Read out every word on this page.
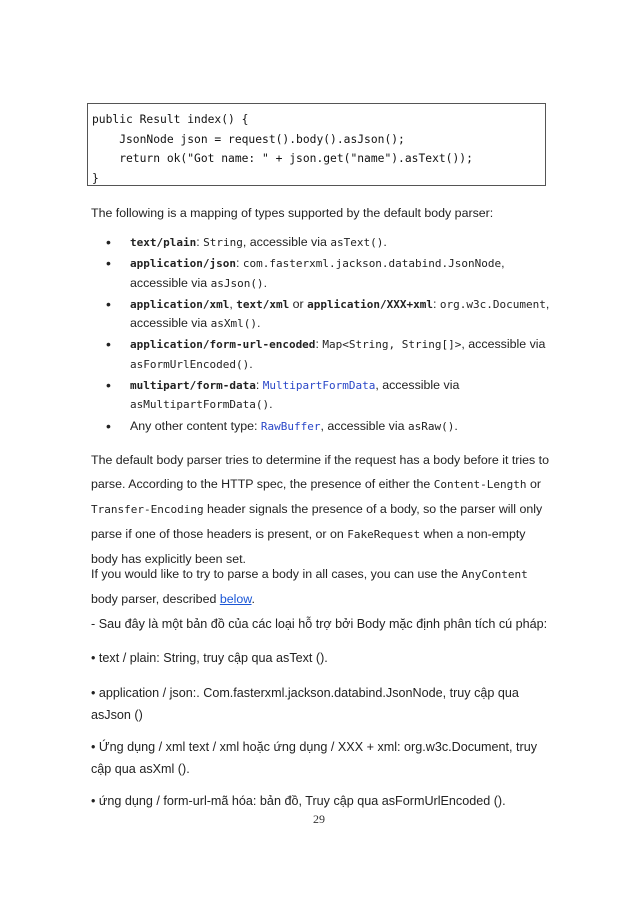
public Result index() {
JsonNode json = request().body().asJson();
return ok("Got name: " + json.get("name").asText());
}

The following is a mapping of types supported by the default body parser:

• text/plain: String, accessible via asText().
• application/json: com.fasterxml.jackson.databind.JsonNode, accessible via asJson().
• application/xml, text/xml or application/XXX+xml: org.w3c.Document, accessible via asXml().
• application/form-url-encoded: Map<String, String[]>, accessible via asFormUrlEncoded().
• multipart/form-data: MultipartFormData, accessible via asMultipartFormData().
• Any other content type: RawBuffer, accessible via asRaw().
The default body parser tries to determine if the request has a body before it tries to
parse. According to the HTTP spec, the presence of either the Content-Length or
Transfer-Encoding header signals the presence of a body, so the parser will only
parse if one of those headers is present, or on FakeRequest when a non-empty
body has explicitly been set.
If you would like to try to parse a body in all cases, you can use the AnyContent
body parser, described below.

- Sau đây là một bản đồ của các loại hỗ trợ bởi Body mặc định phân tích cú pháp:

• text / plain: String, truy cập qua asText ().

• application / json:. Com.fasterxml.jackson.databind.JsonNode, truy cập qua
asJson ()
• Ứng dụng / xml text / xml hoặc ứng dụng / XXX + xml: org.w3c.Document, truy
cập qua asXml ().

• ứng dụng / form-url-mã hóa: bản đồ, Truy cập qua asFormUrlEncoded ().

29
